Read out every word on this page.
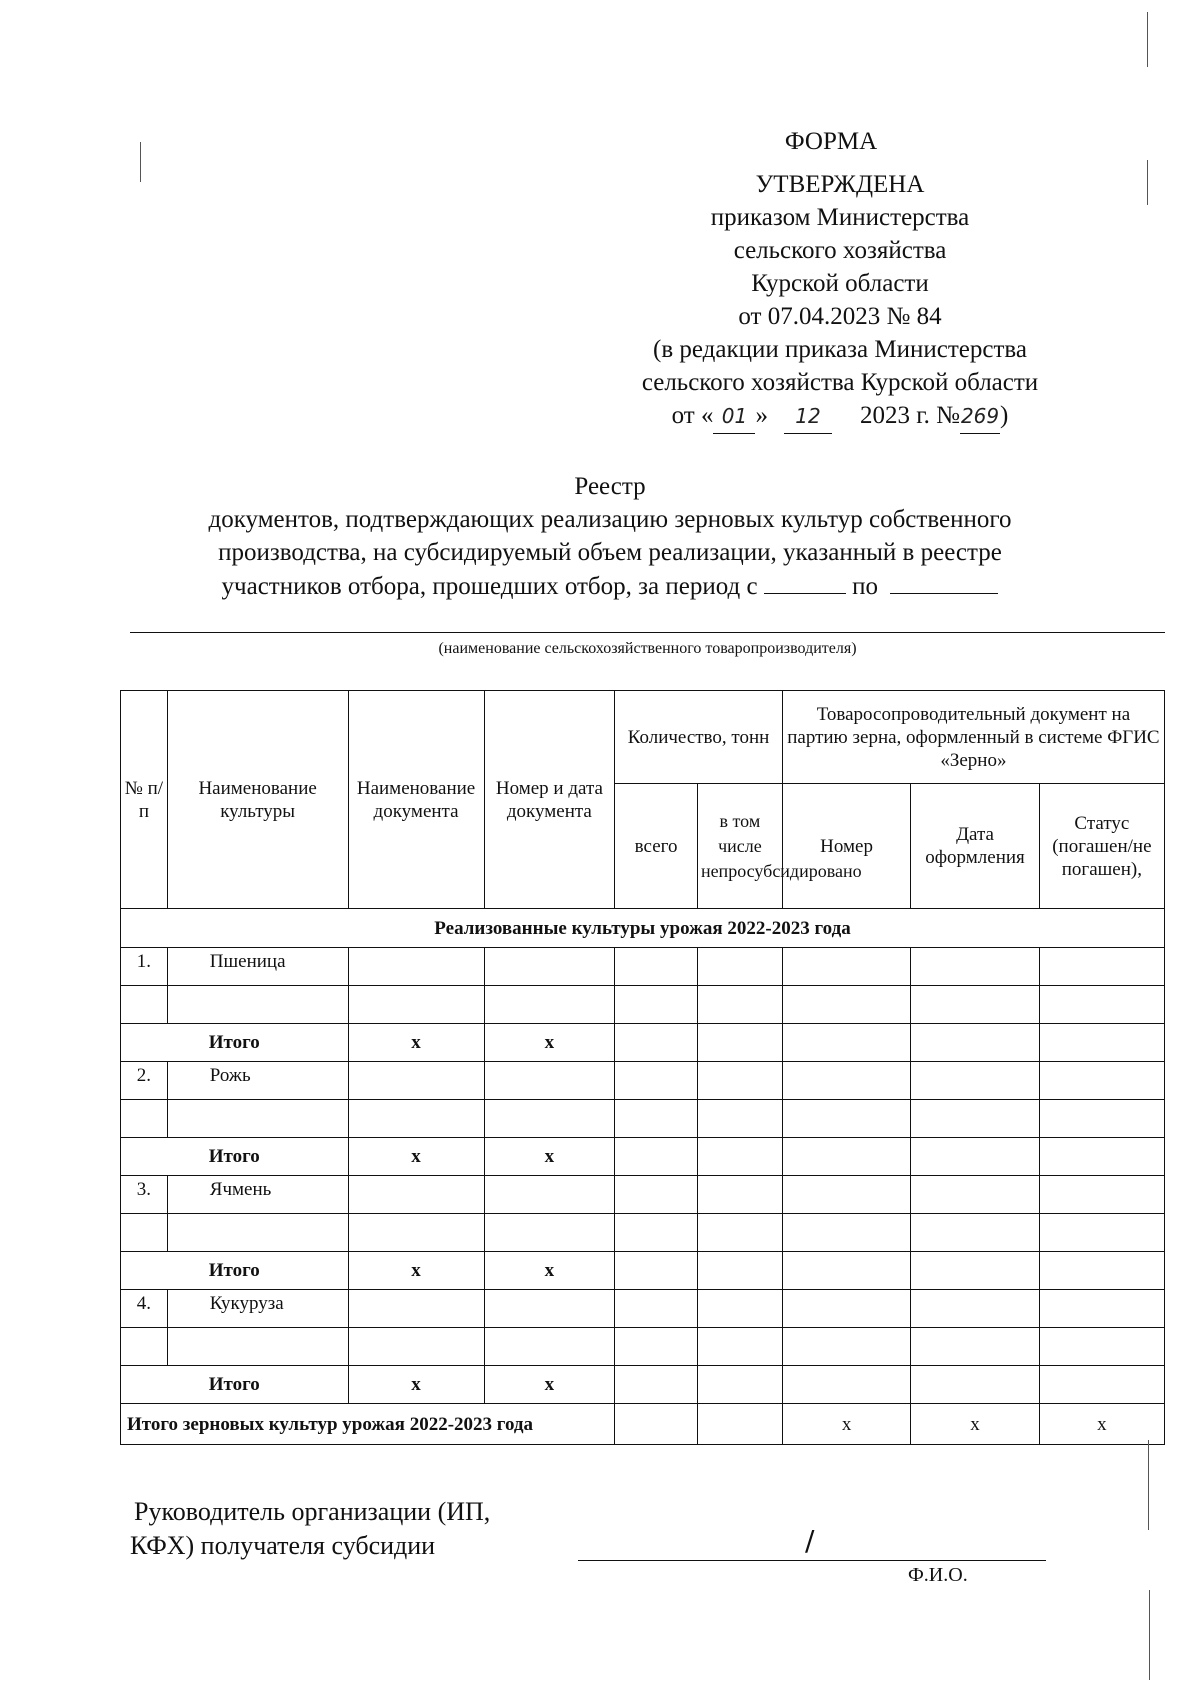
ФОРМА
УТВЕРЖДЕНА
приказом Министерства
сельского хозяйства
Курской области
от 07.04.2023 № 84
(в редакции приказа Министерства
сельского хозяйства Курской области
от « 01 » 12 2023 г. №269)
Реестр
документов, подтверждающих реализацию зерновых культур собственного
производства, на субсидируемый объем реализации, указанный в реестре
участников отбора, прошедших отбор, за период с	по
(наименование сельскохозяйственного товаропроизводителя)
№ п/п	Наименование культуры	Наименование документа	Номер и дата документа	Количество, тонн		Товаросопроводительный документ на партию зерна, оформленный в системе ФГИС «Зерно»		
				всего	в том числе непросубсидировано	Номер	Дата оформления	Статус (погашен/не погашен),
Реализованные культуры урожая 2022-2023 года								
1.	Пшеница							

Итого		х	х					
2.	Рожь							

Итого		х	х					
3.	Ячмень							

Итого		х	х					
4.	Кукуруза							

Итого		х	х					
Итого зерновых культур урожая 2022-2023 года						х	х	х
Руководитель организации (ИП,
КФХ) получателя субсидии	/
Ф.И.О.
